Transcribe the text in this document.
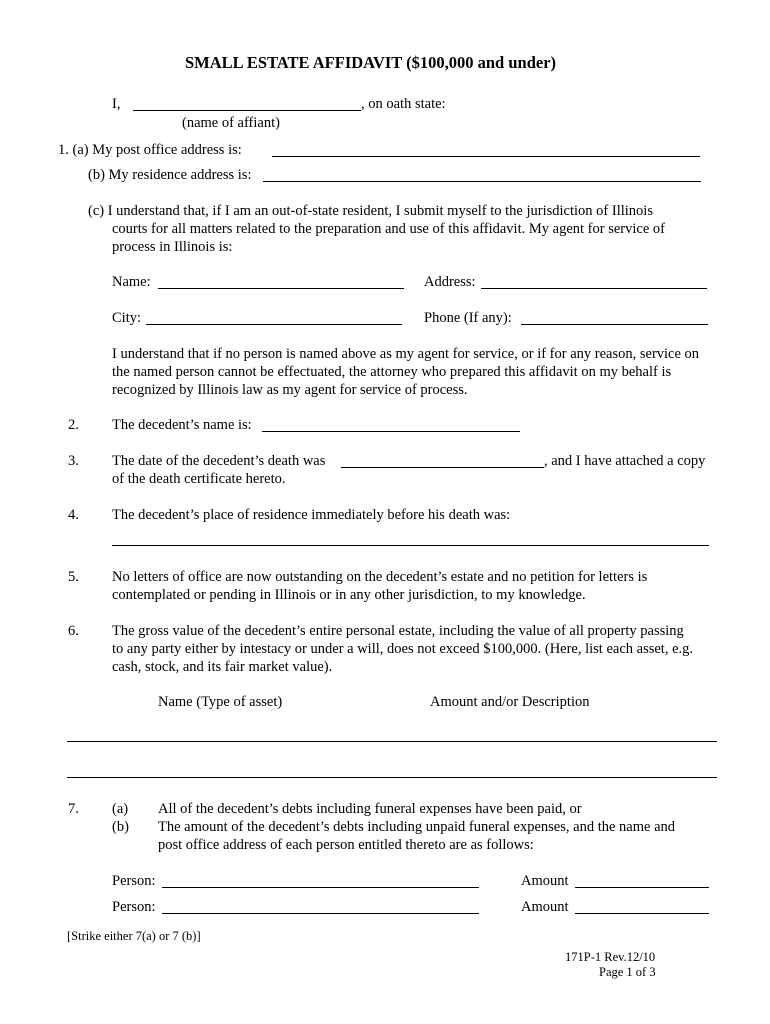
SMALL ESTATE AFFIDAVIT ($100,000 and under)
I,	, on oath state:
(name of affiant)
1. (a) My post office address is:
(b) My residence address is:
(c) I understand that, if I am an out-of-state resident, I submit myself to the jurisdiction of Illinois
courts for all matters related to the preparation and use of this affidavit. My agent for service of
process in Illinois is:
Name:	Address:
City:	Phone (If any):
I understand that if no person is named above as my agent for service, or if for any reason, service on
the named person cannot be effectuated, the attorney who prepared this affidavit on my behalf is
recognized by Illinois law as my agent for service of process.
2. The decedent’s name is:
3. The date of the decedent’s death was	, and I have attached a copy
of the death certificate hereto.
4. The decedent’s place of residence immediately before his death was:
5. No letters of office are now outstanding on the decedent’s estate and no petition for letters is
contemplated or pending in Illinois or in any other jurisdiction, to my knowledge.
6. The gross value of the decedent’s entire personal estate, including the value of all property passing
to any party either by intestacy or under a will, does not exceed $100,000. (Here, list each asset, e.g.
cash, stock, and its fair market value).
Name (Type of asset)	Amount and/or Description
7. (a) All of the decedent’s debts including funeral expenses have been paid, or
(b) The amount of the decedent’s debts including unpaid funeral expenses, and the name and
post office address of each person entitled thereto are as follows:
Person:	Amount
Person:	Amount
[Strike either 7(a) or 7 (b)]
171P-1 Rev.12/10
Page 1 of 3
